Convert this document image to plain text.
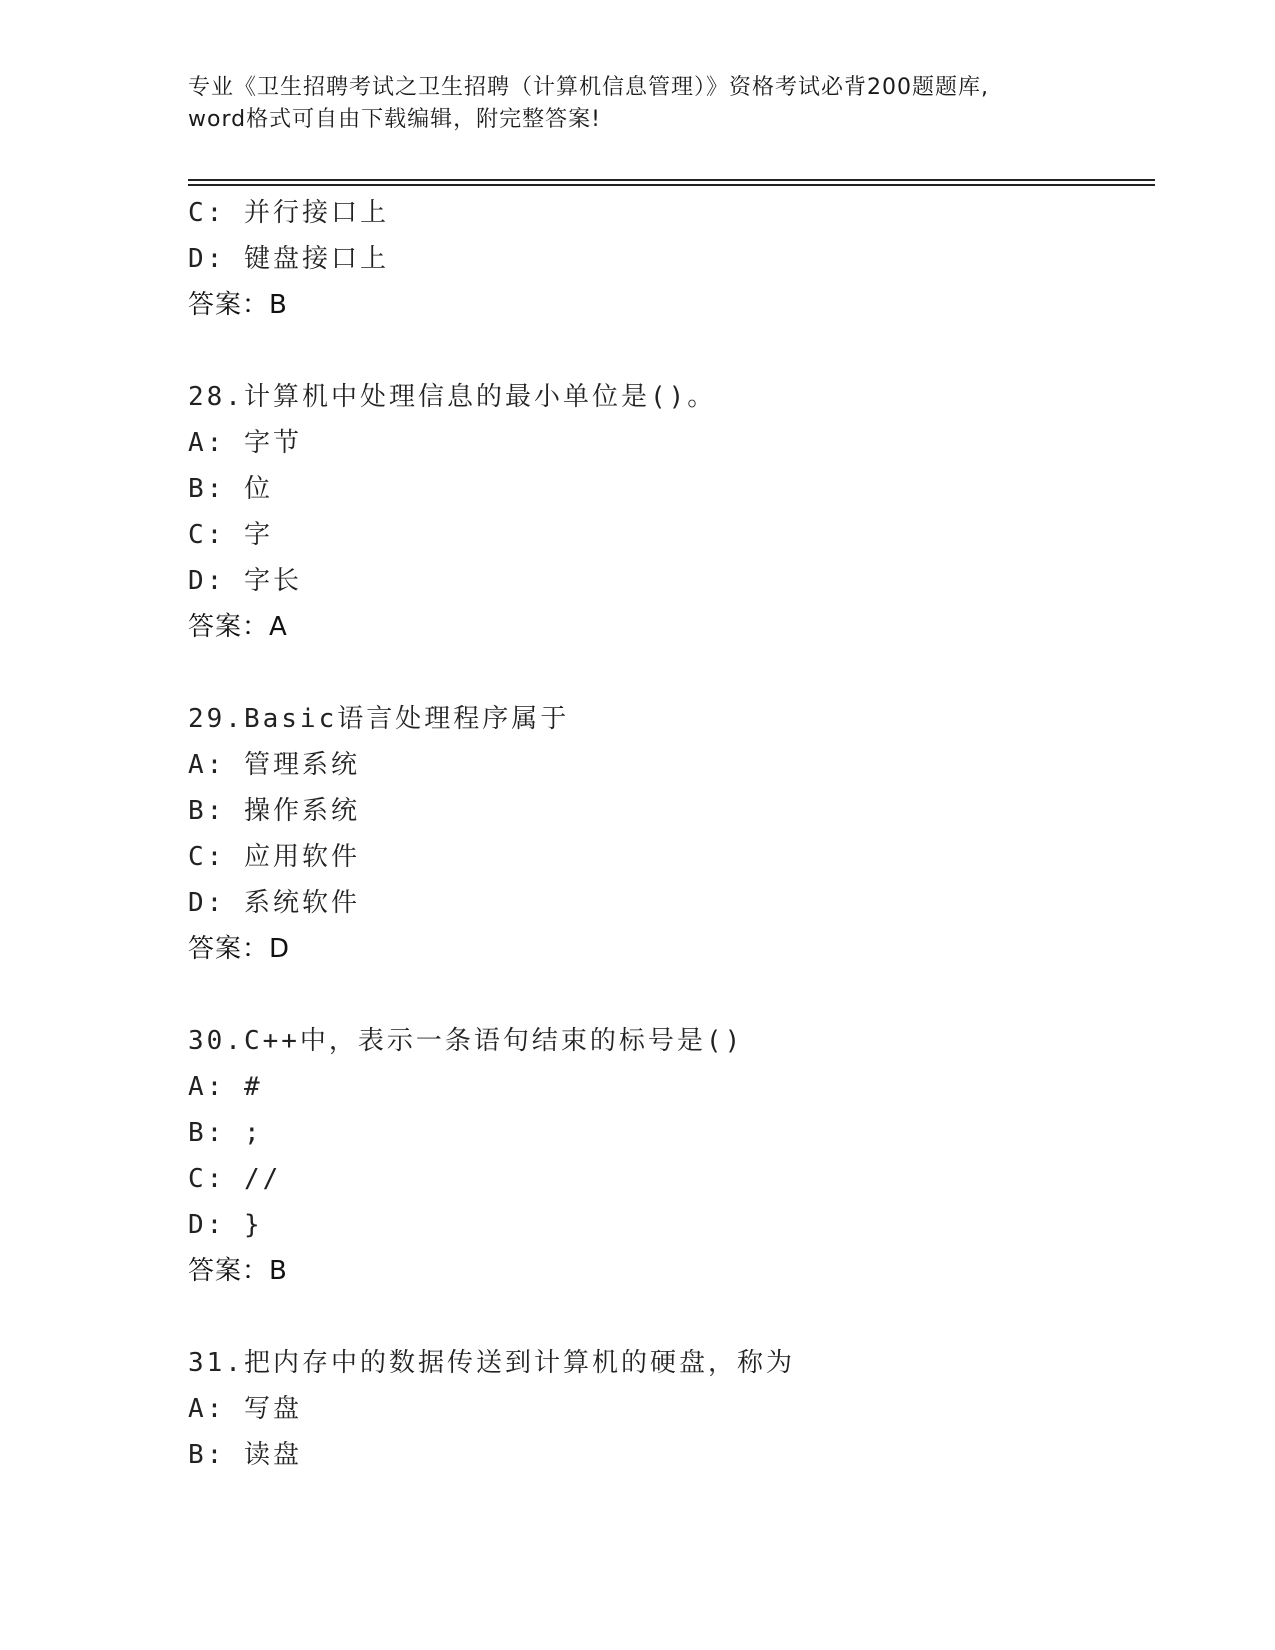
专业《卫生招聘考试之卫生招聘（计算机信息管理）》资格考试必背200题题库,
word格式可自由下载编辑，附完整答案!
C: 并行接口上
D: 键盘接口上
答案：B
28.计算机中处理信息的最小单位是()。
A: 字节
B: 位
C: 字
D: 字长
答案：A
29.Basic语言处理程序属于
A: 管理系统
B: 操作系统
C: 应用软件
D: 系统软件
答案：D
30.C++中，表示一条语句结束的标号是()
A: #
B: ;
C: //
D: }
答案：B
31.把内存中的数据传送到计算机的硬盘，称为
A: 写盘
B: 读盘
